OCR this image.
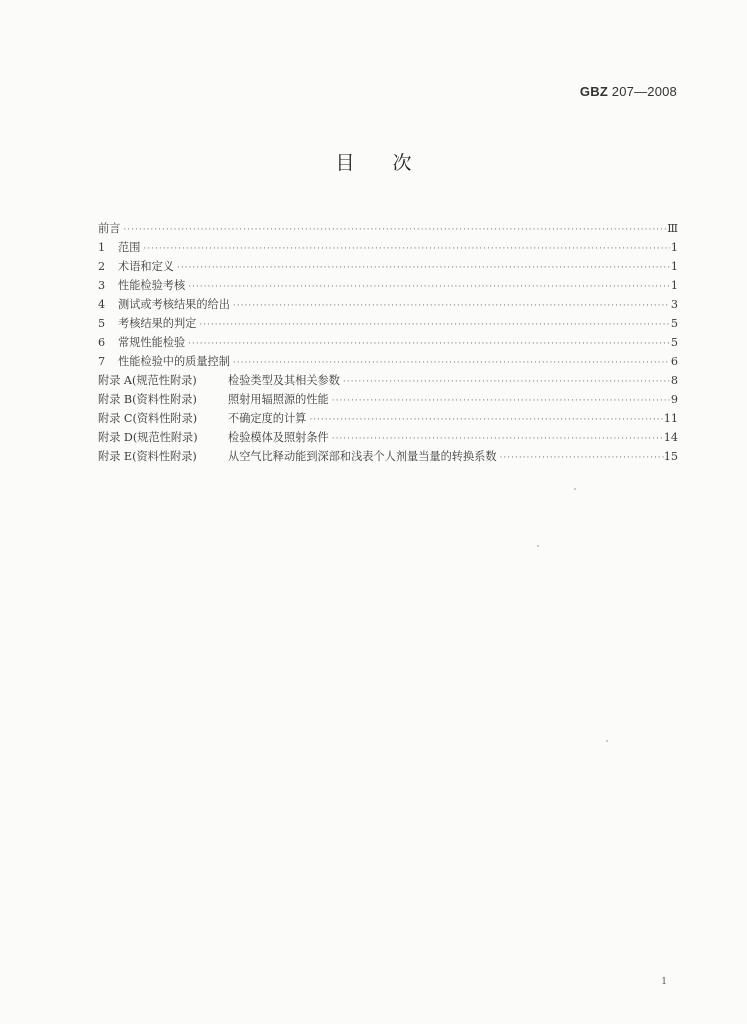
GBZ 207—2008
目次
前言 ·····	Ⅲ
1 范围 ·····	1
2 术语和定义 ·····	1
3 性能检验考核 ·····	1
4 测试或考核结果的给出 ·····	3
5 考核结果的判定 ·····	5
6 常规性能检验 ·····	5
7 性能检验中的质量控制 ·····	6
附录 A(规范性附录)	检验类型及其相关参数 ·····	8
附录 B(资料性附录)	照射用辐照源的性能 ·····	9
附录 C(资料性附录)	不确定度的计算 ·····	11
附录 D(规范性附录)	检验模体及照射条件 ·····	14
附录 E(资料性附录)	从空气比释动能到深部和浅表个人剂量当量的转换系数 ·····	15
1
